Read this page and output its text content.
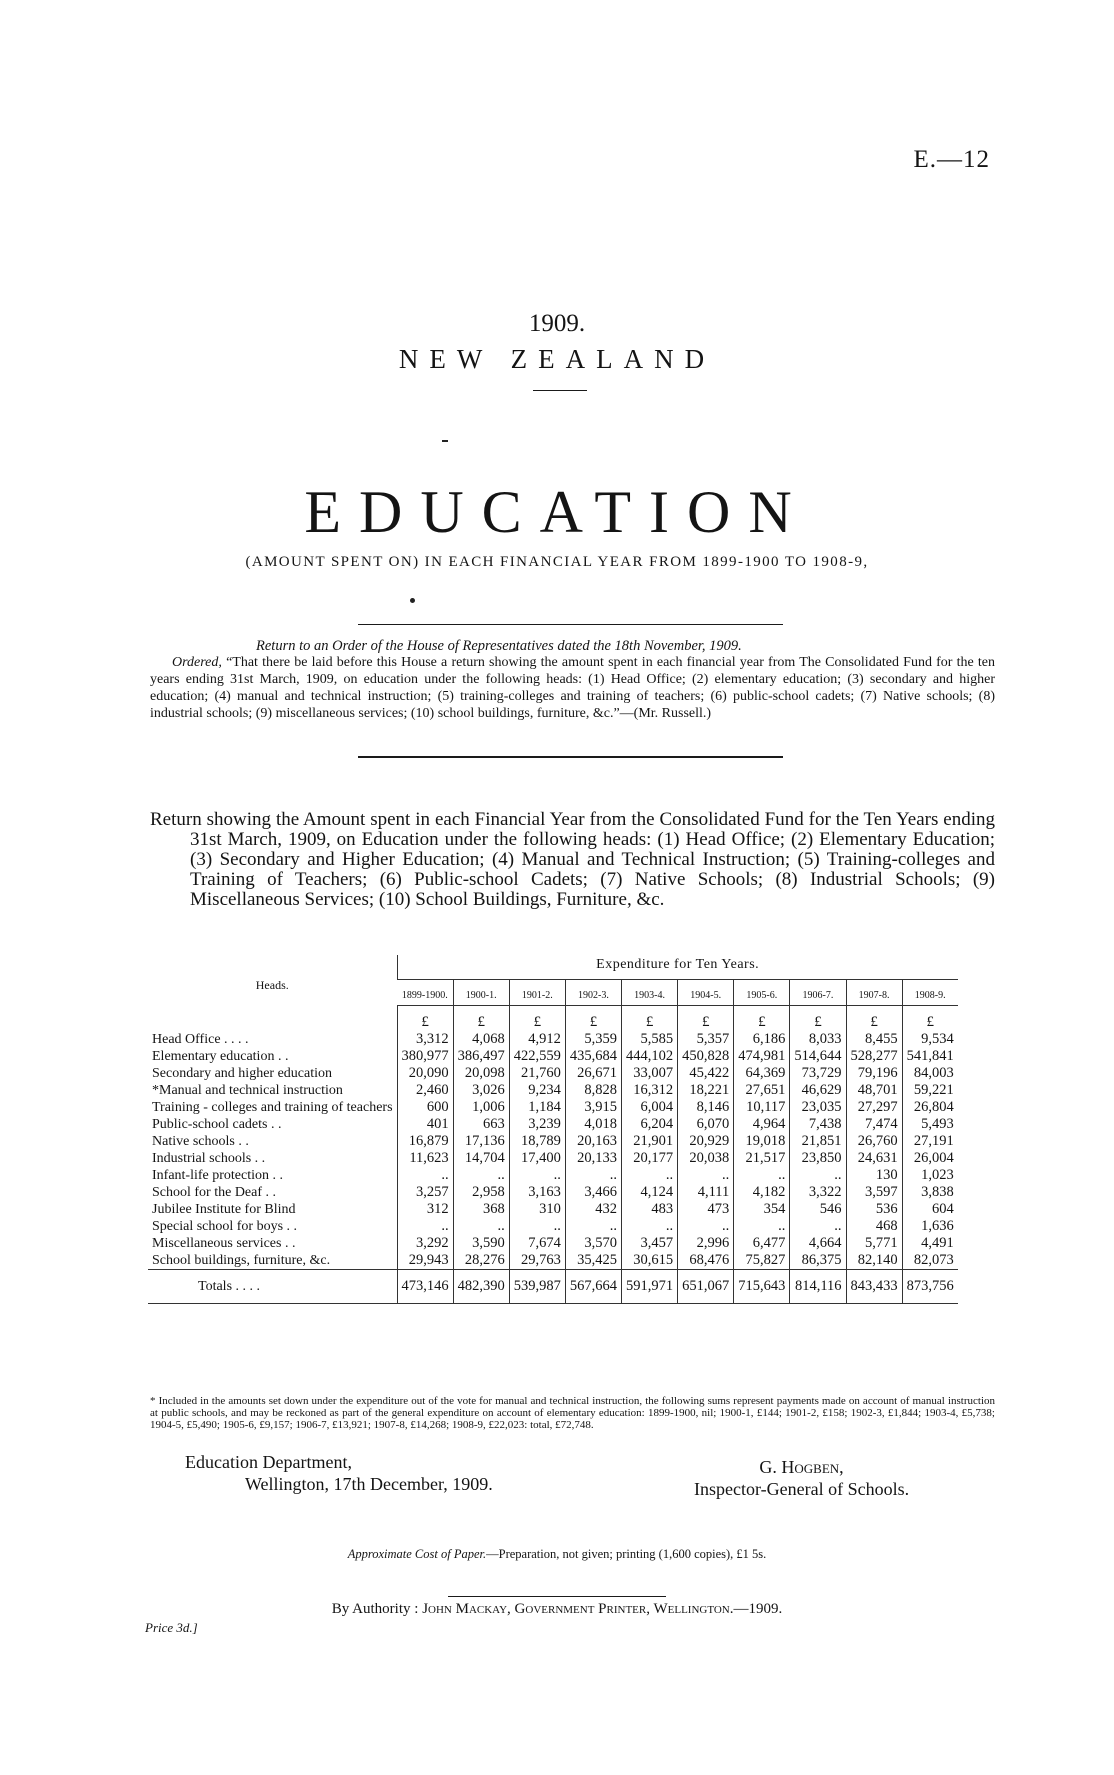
E.—12
1909.
NEW ZEALAND
EDUCATION
(AMOUNT SPENT ON) IN EACH FINANCIAL YEAR FROM 1899-1900 TO 1908-9,
Return to an Order of the House of Representatives dated the 18th November, 1909.
Ordered, “That there be laid before this House a return showing the amount spent in each financial year from The Consolidated Fund for the ten years ending 31st March, 1909, on education under the following heads: (1) Head Office; (2) elementary education; (3) secondary and higher education; (4) manual and technical instruction; (5) training-colleges and training of teachers; (6) public-school cadets; (7) Native schools; (8) industrial schools; (9) miscellaneous services; (10) school buildings, furniture, &c.”—(Mr. Russell.)

Return showing the Amount spent in each Financial Year from the Consolidated Fund for the Ten Years ending 31st March, 1909, on Education under the following heads: (1) Head Office; (2) Elementary Education; (3) Secondary and Higher Education; (4) Manual and Technical Instruction; (5) Training-colleges and Training of Teachers; (6) Public-school Cadets; (7) Native Schools; (8) Industrial Schools; (9) Miscellaneous Services; (10) School Buildings, Furniture, &c.

Heads.	Expenditure for Ten Years.									
	1899-1900.	1900-1.	1901-2.	1902-3.	1903-4.	1904-5.	1905-6.	1906-7.	1907-8.	1908-9.
	£	£	£	£	£	£	£	£	£	£
Head Office . . . .	3,312	4,068	4,912	5,359	5,585	5,357	6,186	8,033	8,455	9,534
Elementary education . .	380,977	386,497	422,559	435,684	444,102	450,828	474,981	514,644	528,277	541,841
Secondary and higher education	20,090	20,098	21,760	26,671	33,007	45,422	64,369	73,729	79,196	84,003
*Manual and technical instruction	2,460	3,026	9,234	8,828	16,312	18,221	27,651	46,629	48,701	59,221
Training - colleges and training of teachers	600	1,006	1,184	3,915	6,004	8,146	10,117	23,035	27,297	26,804
Public-school cadets . .	401	663	3,239	4,018	6,204	6,070	4,964	7,438	7,474	5,493
Native schools . .	16,879	17,136	18,789	20,163	21,901	20,929	19,018	21,851	26,760	27,191
Industrial schools . .	11,623	14,704	17,400	20,133	20,177	20,038	21,517	23,850	24,631	26,004
Infant-life protection . .	..	..	..	..	..	..	..	..	130	1,023
School for the Deaf . .	3,257	2,958	3,163	3,466	4,124	4,111	4,182	3,322	3,597	3,838
Jubilee Institute for Blind	312	368	310	432	483	473	354	546	536	604
Special school for boys . .	..	..	..	..	..	..	..	..	468	1,636
Miscellaneous services . .	3,292	3,590	7,674	3,570	3,457	2,996	6,477	4,664	5,771	4,491
School buildings, furniture, &c.	29,943	28,276	29,763	35,425	30,615	68,476	75,827	86,375	82,140	82,073
Totals . . . .	473,146	482,390	539,987	567,664	591,971	651,067	715,643	814,116	843,433	873,756
* Included in the amounts set down under the expenditure out of the vote for manual and technical instruction, the following sums represent payments made on account of manual instruction at public schools, and may be reckoned as part of the general expenditure on account of elementary education: 1899-1900, nil; 1900-1, £144; 1901-2, £158; 1902-3, £1,844; 1903-4, £5,738; 1904-5, £5,490; 1905-6, £9,157; 1906-7, £13,921; 1907-8, £14,268; 1908-9, £22,023: total, £72,748.
Education Department,
Wellington, 17th December, 1909.
G. Hogben,
Inspector-General of Schools.
Approximate Cost of Paper.—Preparation, not given; printing (1,600 copies), £1 5s.
By Authority : John Mackay, Government Printer, Wellington.—1909.
Price 3d.]
